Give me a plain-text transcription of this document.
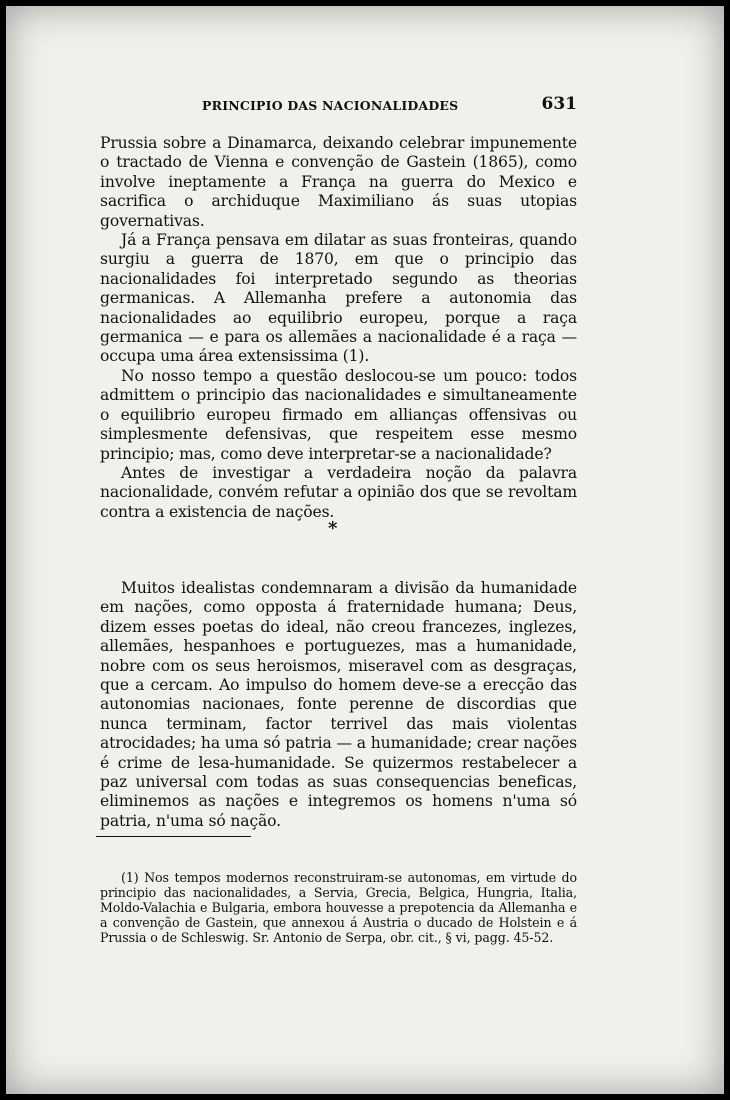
PRINCIPIO DAS NACIONALIDADES	631

Prussia sobre a Dinamarca, deixando celebrar impunemente o tractado de Vienna e convenção de Gastein (1865), como involve ineptamente a França na guerra do Mexico e sacrifica o archiduque Maximiliano ás suas utopias governativas.

Já a França pensava em dilatar as suas fronteiras, quando surgiu a guerra de 1870, em que o principio das nacionalidades foi interpretado segundo as theorias germanicas. A Allemanha prefere a autonomia das nacionalidades ao equilibrio europeu, porque a raça germanica — e para os allemães a nacionalidade é a raça — occupa uma área extensissima (1).

No nosso tempo a questão deslocou-se um pouco: todos admittem o principio das nacionalidades e simultaneamente o equilibrio europeu firmado em allianças offensivas ou simplesmente defensivas, que respeitem esse mesmo principio; mas, como deve interpretar-se a nacionalidade?

Antes de investigar a verdadeira noção da palavra nacionalidade, convém refutar a opinião dos que se revoltam contra a existencia de nações.

*

Muitos idealistas condemnaram a divisão da humanidade em nações, como opposta á fraternidade humana; Deus, dizem esses poetas do ideal, não creou francezes, inglezes, allemães, hespanhoes e portuguezes, mas a humanidade, nobre com os seus heroismos, miseravel com as desgraças, que a cercam. Ao impulso do homem deve-se a erecção das autonomias nacionaes, fonte perenne de discordias que nunca terminam, factor terrivel das mais violentas atrocidades; ha uma só patria — a humanidade; crear nações é crime de lesa-humanidade. Se quizermos restabelecer a paz universal com todas as suas consequencias beneficas, eliminemos as nações e integremos os homens n'uma só patria, n'uma só nação.

(1) Nos tempos modernos reconstruiram-se autonomas, em virtude do principio das nacionalidades, a Servia, Grecia, Belgica, Hungria, Italia, Moldo-Valachia e Bulgaria, embora houvesse a prepotencia da Allemanha e a convenção de Gastein, que annexou á Austria o ducado de Holstein e á Prussia o de Schleswig. Sr. Antonio de Serpa, obr. cit., § vi, pagg. 45-52.
